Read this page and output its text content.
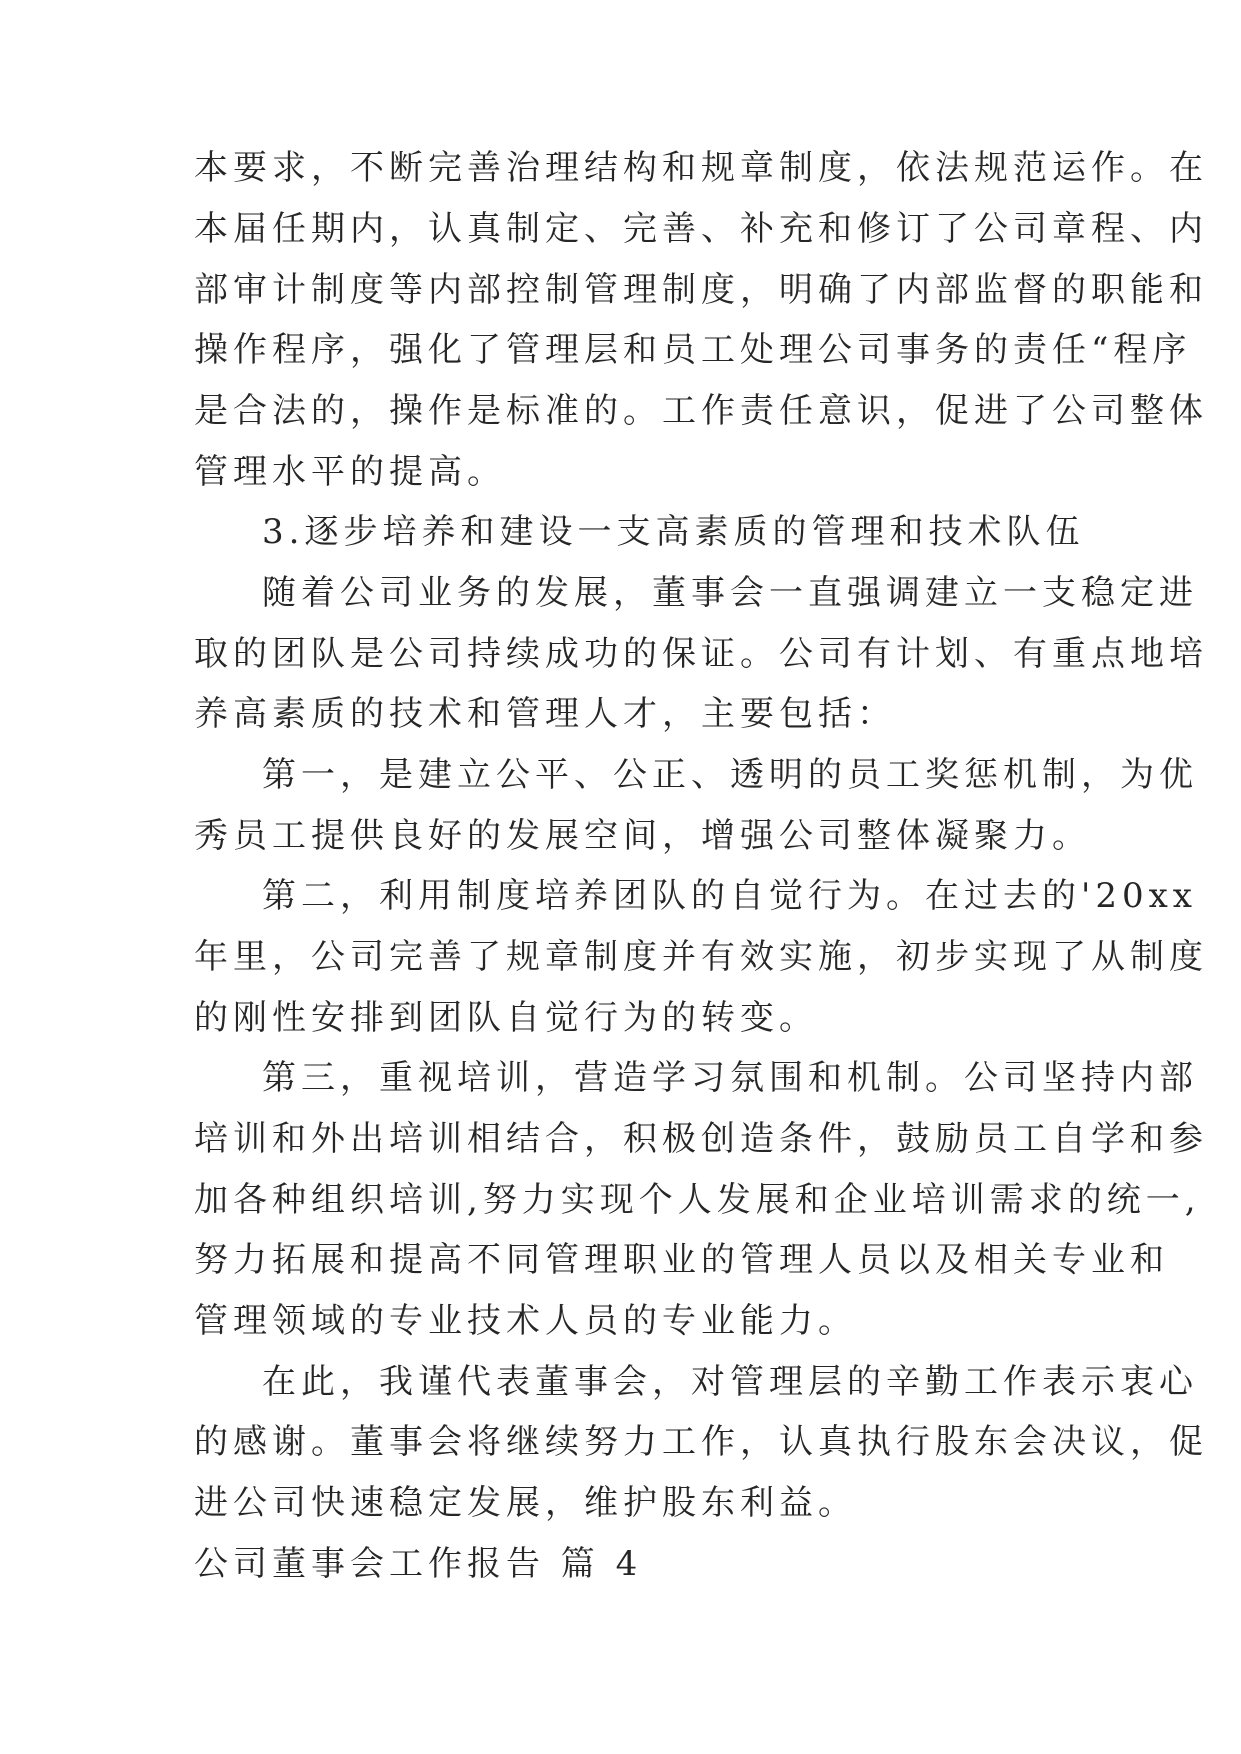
本要求，不断完善治理结构和规章制度，依法规范运作。在
本届任期内，认真制定、完善、补充和修订了公司章程、内
部审计制度等内部控制管理制度，明确了内部监督的职能和
操作程序，强化了管理层和员工处理公司事务的责任“程序
是合法的，操作是标准的。工作责任意识，促进了公司整体
管理水平的提高。
3.逐步培养和建设一支高素质的管理和技术队伍
随着公司业务的发展，董事会一直强调建立一支稳定进
取的团队是公司持续成功的保证。公司有计划、有重点地培
养高素质的技术和管理人才，主要包括：
第一，是建立公平、公正、透明的员工奖惩机制，为优
秀员工提供良好的发展空间，增强公司整体凝聚力。
第二，利用制度培养团队的自觉行为。在过去的'20xx
年里，公司完善了规章制度并有效实施，初步实现了从制度
的刚性安排到团队自觉行为的转变。
第三，重视培训，营造学习氛围和机制。公司坚持内部
培训和外出培训相结合，积极创造条件，鼓励员工自学和参
加各种组织培训,努力实现个人发展和企业培训需求的统一,
努力拓展和提高不同管理职业的管理人员以及相关专业和
管理领域的专业技术人员的专业能力。
在此，我谨代表董事会，对管理层的辛勤工作表示衷心
的感谢。董事会将继续努力工作，认真执行股东会决议，促
进公司快速稳定发展，维护股东利益。
公司董事会工作报告 篇 4
